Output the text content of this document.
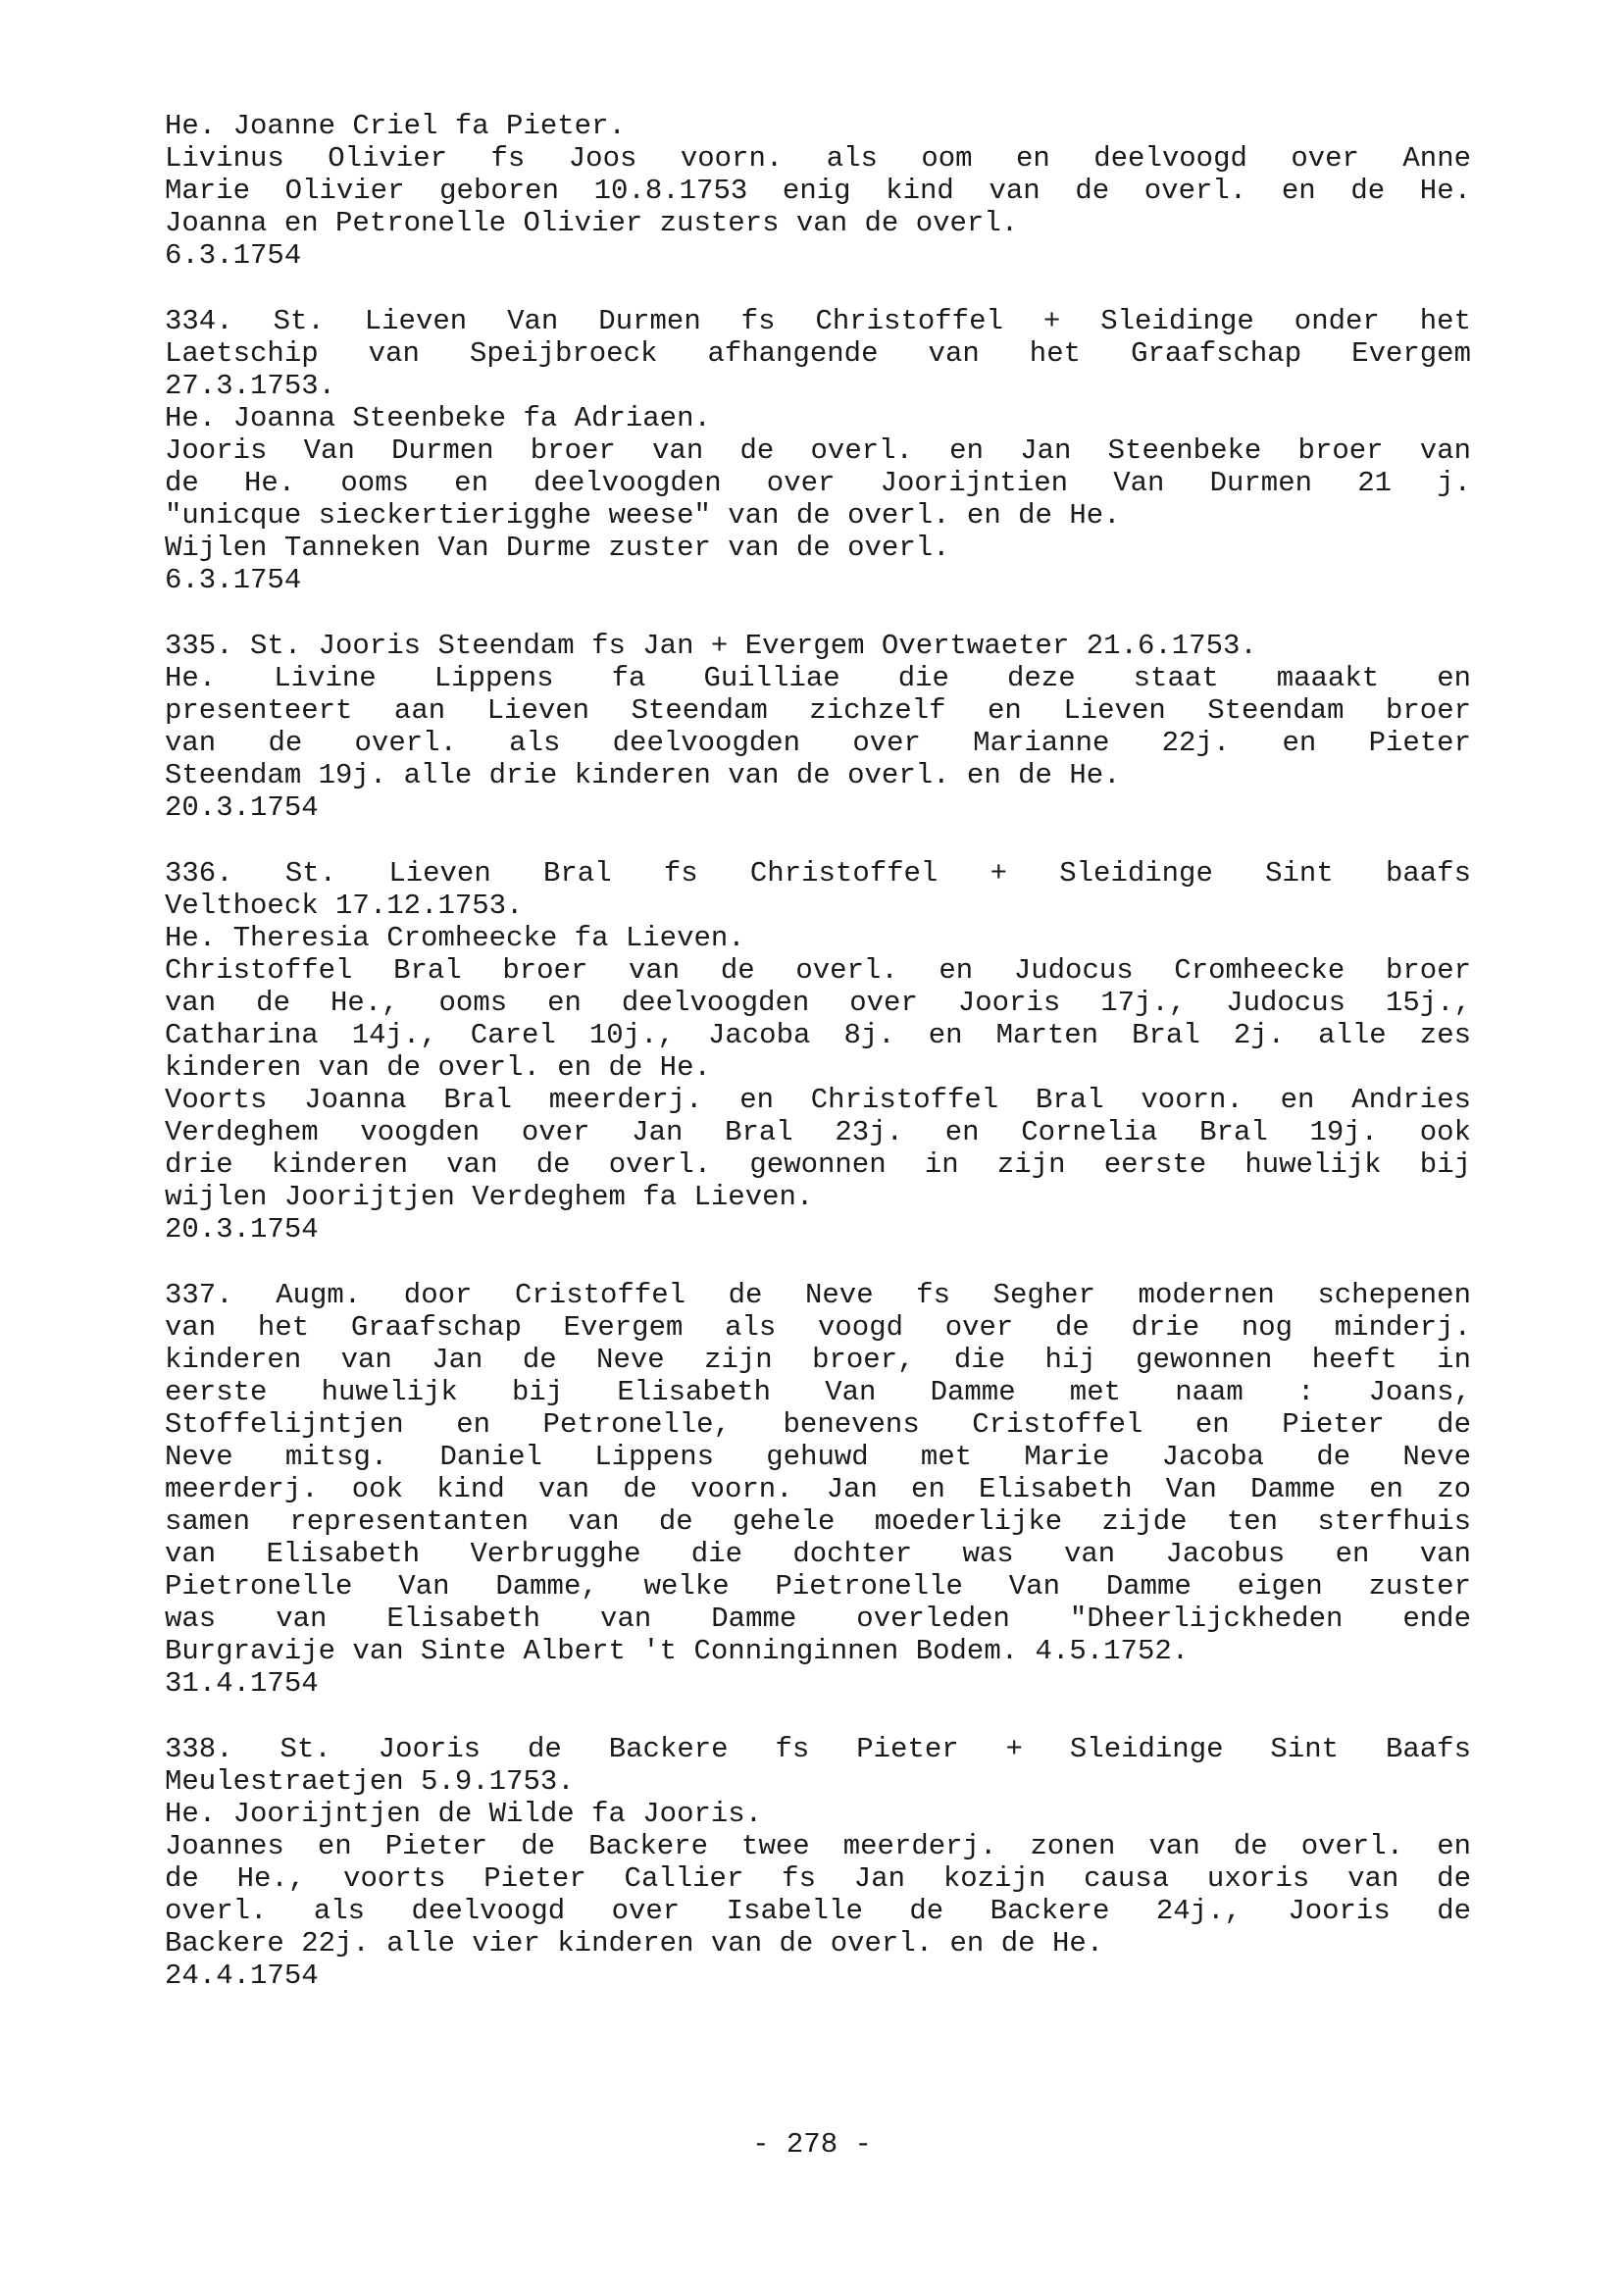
He. Joanne Criel fa Pieter.
Livinus Olivier fs Joos voorn. als oom en deelvoogd over Anne
Marie Olivier geboren 10.8.1753 enig kind van de overl. en de He.
Joanna en Petronelle Olivier zusters van de overl.
6.3.1754
334. St. Lieven Van Durmen fs Christoffel + Sleidinge onder het
Laetschip van Speijbroeck afhangende van het Graafschap Evergem
27.3.1753.
He. Joanna Steenbeke fa Adriaen.
Jooris Van Durmen broer van de overl. en Jan Steenbeke broer van
de He. ooms en deelvoogden over Joorijntien Van Durmen 21 j.
"unicque sieckertierigghe weese" van de overl. en de He.
Wijlen Tanneken Van Durme zuster van de overl.
6.3.1754
335. St. Jooris Steendam fs Jan + Evergem Overtwaeter 21.6.1753.
He. Livine Lippens fa Guilliae die deze staat maaakt en
presenteert aan Lieven Steendam zichzelf en Lieven Steendam broer
van de overl. als deelvoogden over Marianne 22j. en Pieter
Steendam 19j. alle drie kinderen van de overl. en de He.
20.3.1754
336. St. Lieven Bral fs Christoffel + Sleidinge Sint baafs
Velthoeck 17.12.1753.
He. Theresia Cromheecke fa Lieven.
Christoffel Bral broer van de overl. en Judocus Cromheecke broer
van de He., ooms en deelvoogden over Jooris 17j., Judocus 15j.,
Catharina 14j., Carel 10j., Jacoba 8j. en Marten Bral 2j. alle zes
kinderen van de overl. en de He.
Voorts Joanna Bral meerderj. en Christoffel Bral voorn. en Andries
Verdeghem voogden over Jan Bral 23j. en Cornelia Bral 19j. ook
drie kinderen van de overl. gewonnen in zijn eerste huwelijk bij
wijlen Joorijtjen Verdeghem fa Lieven.
20.3.1754
337. Augm. door Cristoffel de Neve fs Segher modernen schepenen
van het Graafschap Evergem als voogd over de drie nog minderj.
kinderen van Jan de Neve zijn broer, die hij gewonnen heeft in
eerste huwelijk bij Elisabeth Van Damme met naam : Joans,
Stoffelijntjen en Petronelle, benevens Cristoffel en Pieter de
Neve mitsg. Daniel Lippens gehuwd met Marie Jacoba de Neve
meerderj. ook kind van de voorn. Jan en Elisabeth Van Damme en zo
samen representanten van de gehele moederlijke zijde ten sterfhuis
van Elisabeth Verbrugghe die dochter was van Jacobus en van
Pietronelle Van Damme, welke Pietronelle Van Damme eigen zuster
was van Elisabeth van Damme overleden "Dheerlijckheden ende
Burgravije van Sinte Albert 't Conninginnen Bodem. 4.5.1752.
31.4.1754
338. St. Jooris de Backere fs Pieter + Sleidinge Sint Baafs
Meulestraetjen 5.9.1753.
He. Joorijntjen de Wilde fa Jooris.
Joannes en Pieter de Backere twee meerderj. zonen van de overl. en
de He., voorts Pieter Callier fs Jan kozijn causa uxoris van de
overl. als deelvoogd over Isabelle de Backere 24j., Jooris de
Backere 22j. alle vier kinderen van de overl. en de He.
24.4.1754
- 278 -
